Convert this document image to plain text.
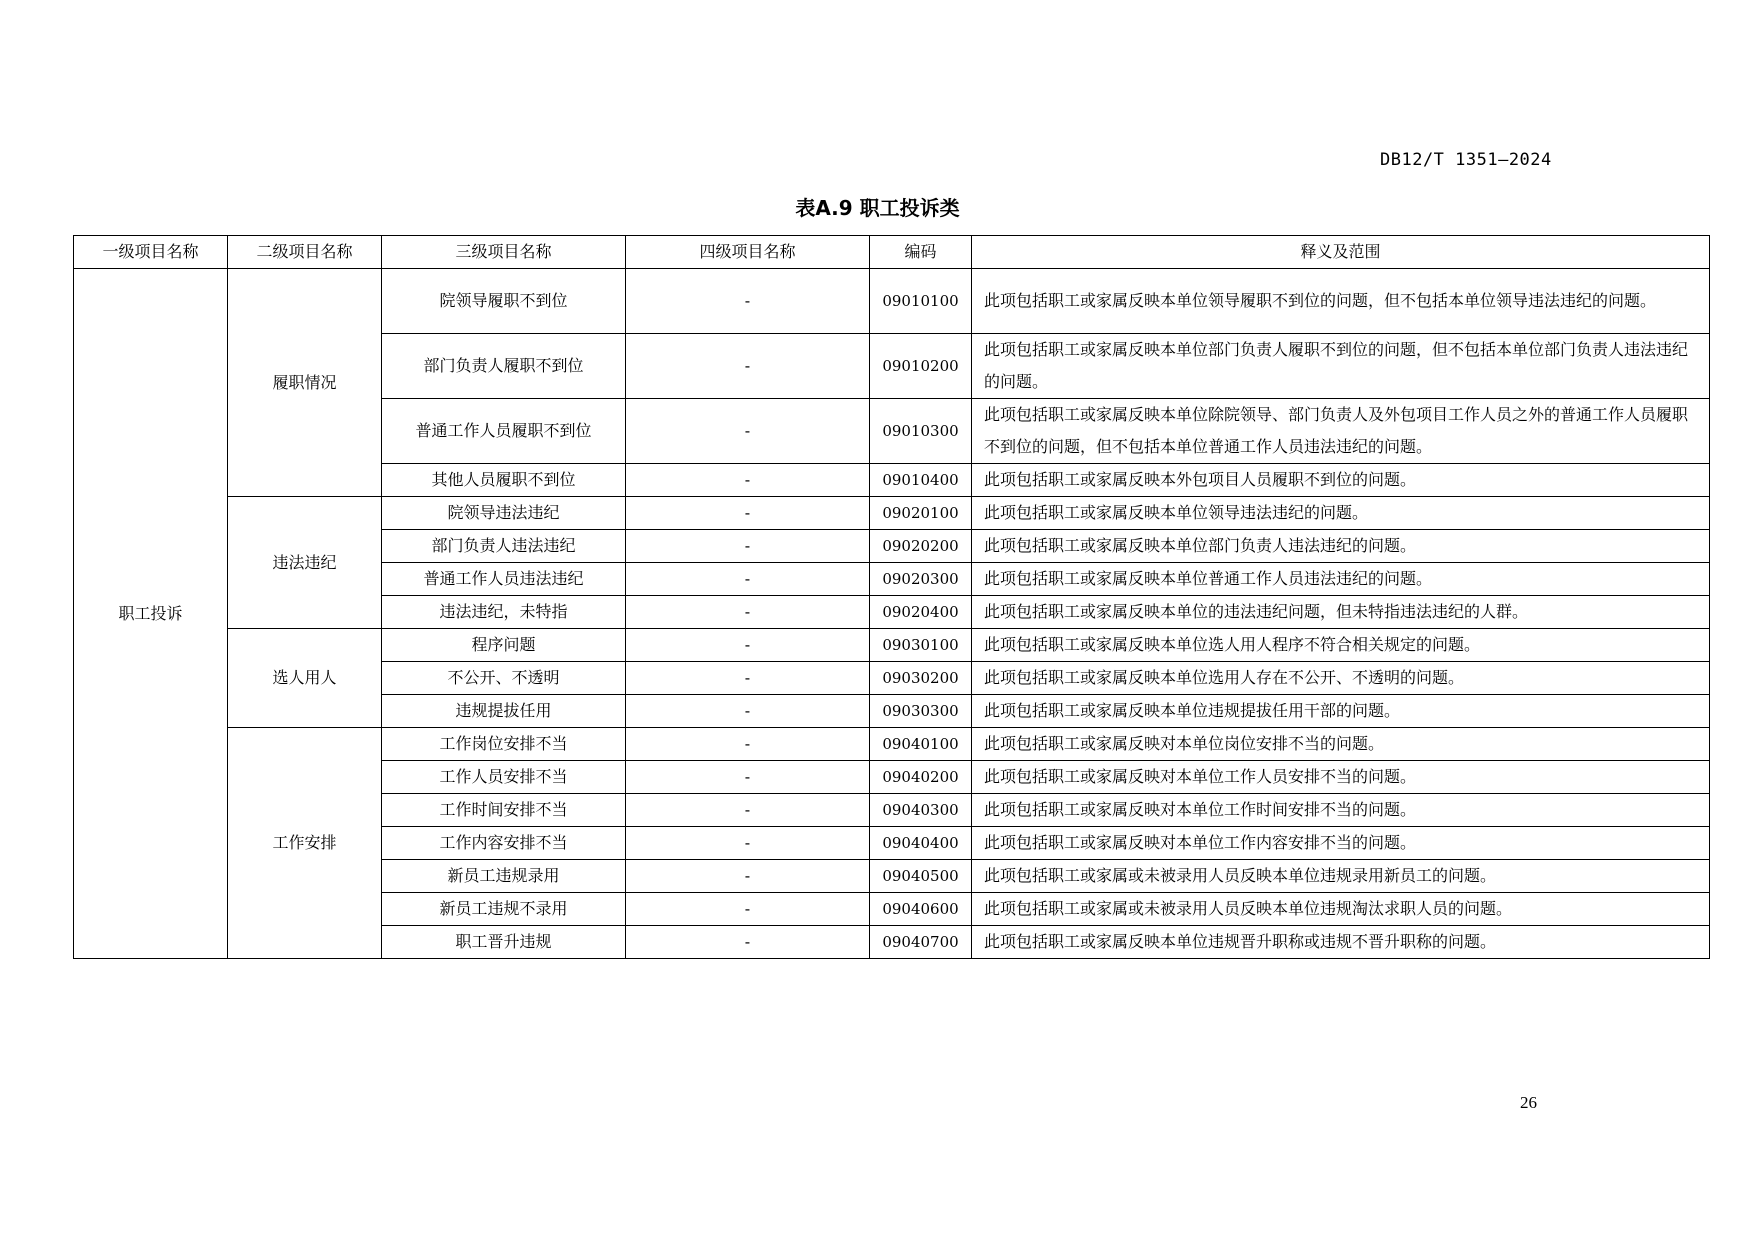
DB12/T 1351—2024
表A.9 职工投诉类
一级项目名称	二级项目名称	三级项目名称	四级项目名称	编码	释义及范围
职工投诉	履职情况	院领导履职不到位	-	09010100	此项包括职工或家属反映本单位领导履职不到位的问题，但不包括本单位领导违法违纪的问题。
		部门负责人履职不到位	-	09010200	此项包括职工或家属反映本单位部门负责人履职不到位的问题，但不包括本单位部门负责人违法违纪的问题。
		普通工作人员履职不到位	-	09010300	此项包括职工或家属反映本单位除院领导、部门负责人及外包项目工作人员之外的普通工作人员履职不到位的问题，但不包括本单位普通工作人员违法违纪的问题。
		其他人员履职不到位	-	09010400	此项包括职工或家属反映本外包项目人员履职不到位的问题。
	违法违纪	院领导违法违纪	-	09020100	此项包括职工或家属反映本单位领导违法违纪的问题。
		部门负责人违法违纪	-	09020200	此项包括职工或家属反映本单位部门负责人违法违纪的问题。
		普通工作人员违法违纪	-	09020300	此项包括职工或家属反映本单位普通工作人员违法违纪的问题。
		违法违纪，未特指	-	09020400	此项包括职工或家属反映本单位的违法违纪问题，但未特指违法违纪的人群。
	选人用人	程序问题	-	09030100	此项包括职工或家属反映本单位选人用人程序不符合相关规定的问题。
		不公开、不透明	-	09030200	此项包括职工或家属反映本单位选用人存在不公开、不透明的问题。
		违规提拔任用	-	09030300	此项包括职工或家属反映本单位违规提拔任用干部的问题。
	工作安排	工作岗位安排不当	-	09040100	此项包括职工或家属反映对本单位岗位安排不当的问题。
		工作人员安排不当	-	09040200	此项包括职工或家属反映对本单位工作人员安排不当的问题。
		工作时间安排不当	-	09040300	此项包括职工或家属反映对本单位工作时间安排不当的问题。
		工作内容安排不当	-	09040400	此项包括职工或家属反映对本单位工作内容安排不当的问题。
		新员工违规录用	-	09040500	此项包括职工或家属或未被录用人员反映本单位违规录用新员工的问题。
		新员工违规不录用	-	09040600	此项包括职工或家属或未被录用人员反映本单位违规淘汰求职人员的问题。
		职工晋升违规	-	09040700	此项包括职工或家属反映本单位违规晋升职称或违规不晋升职称的问题。
26
